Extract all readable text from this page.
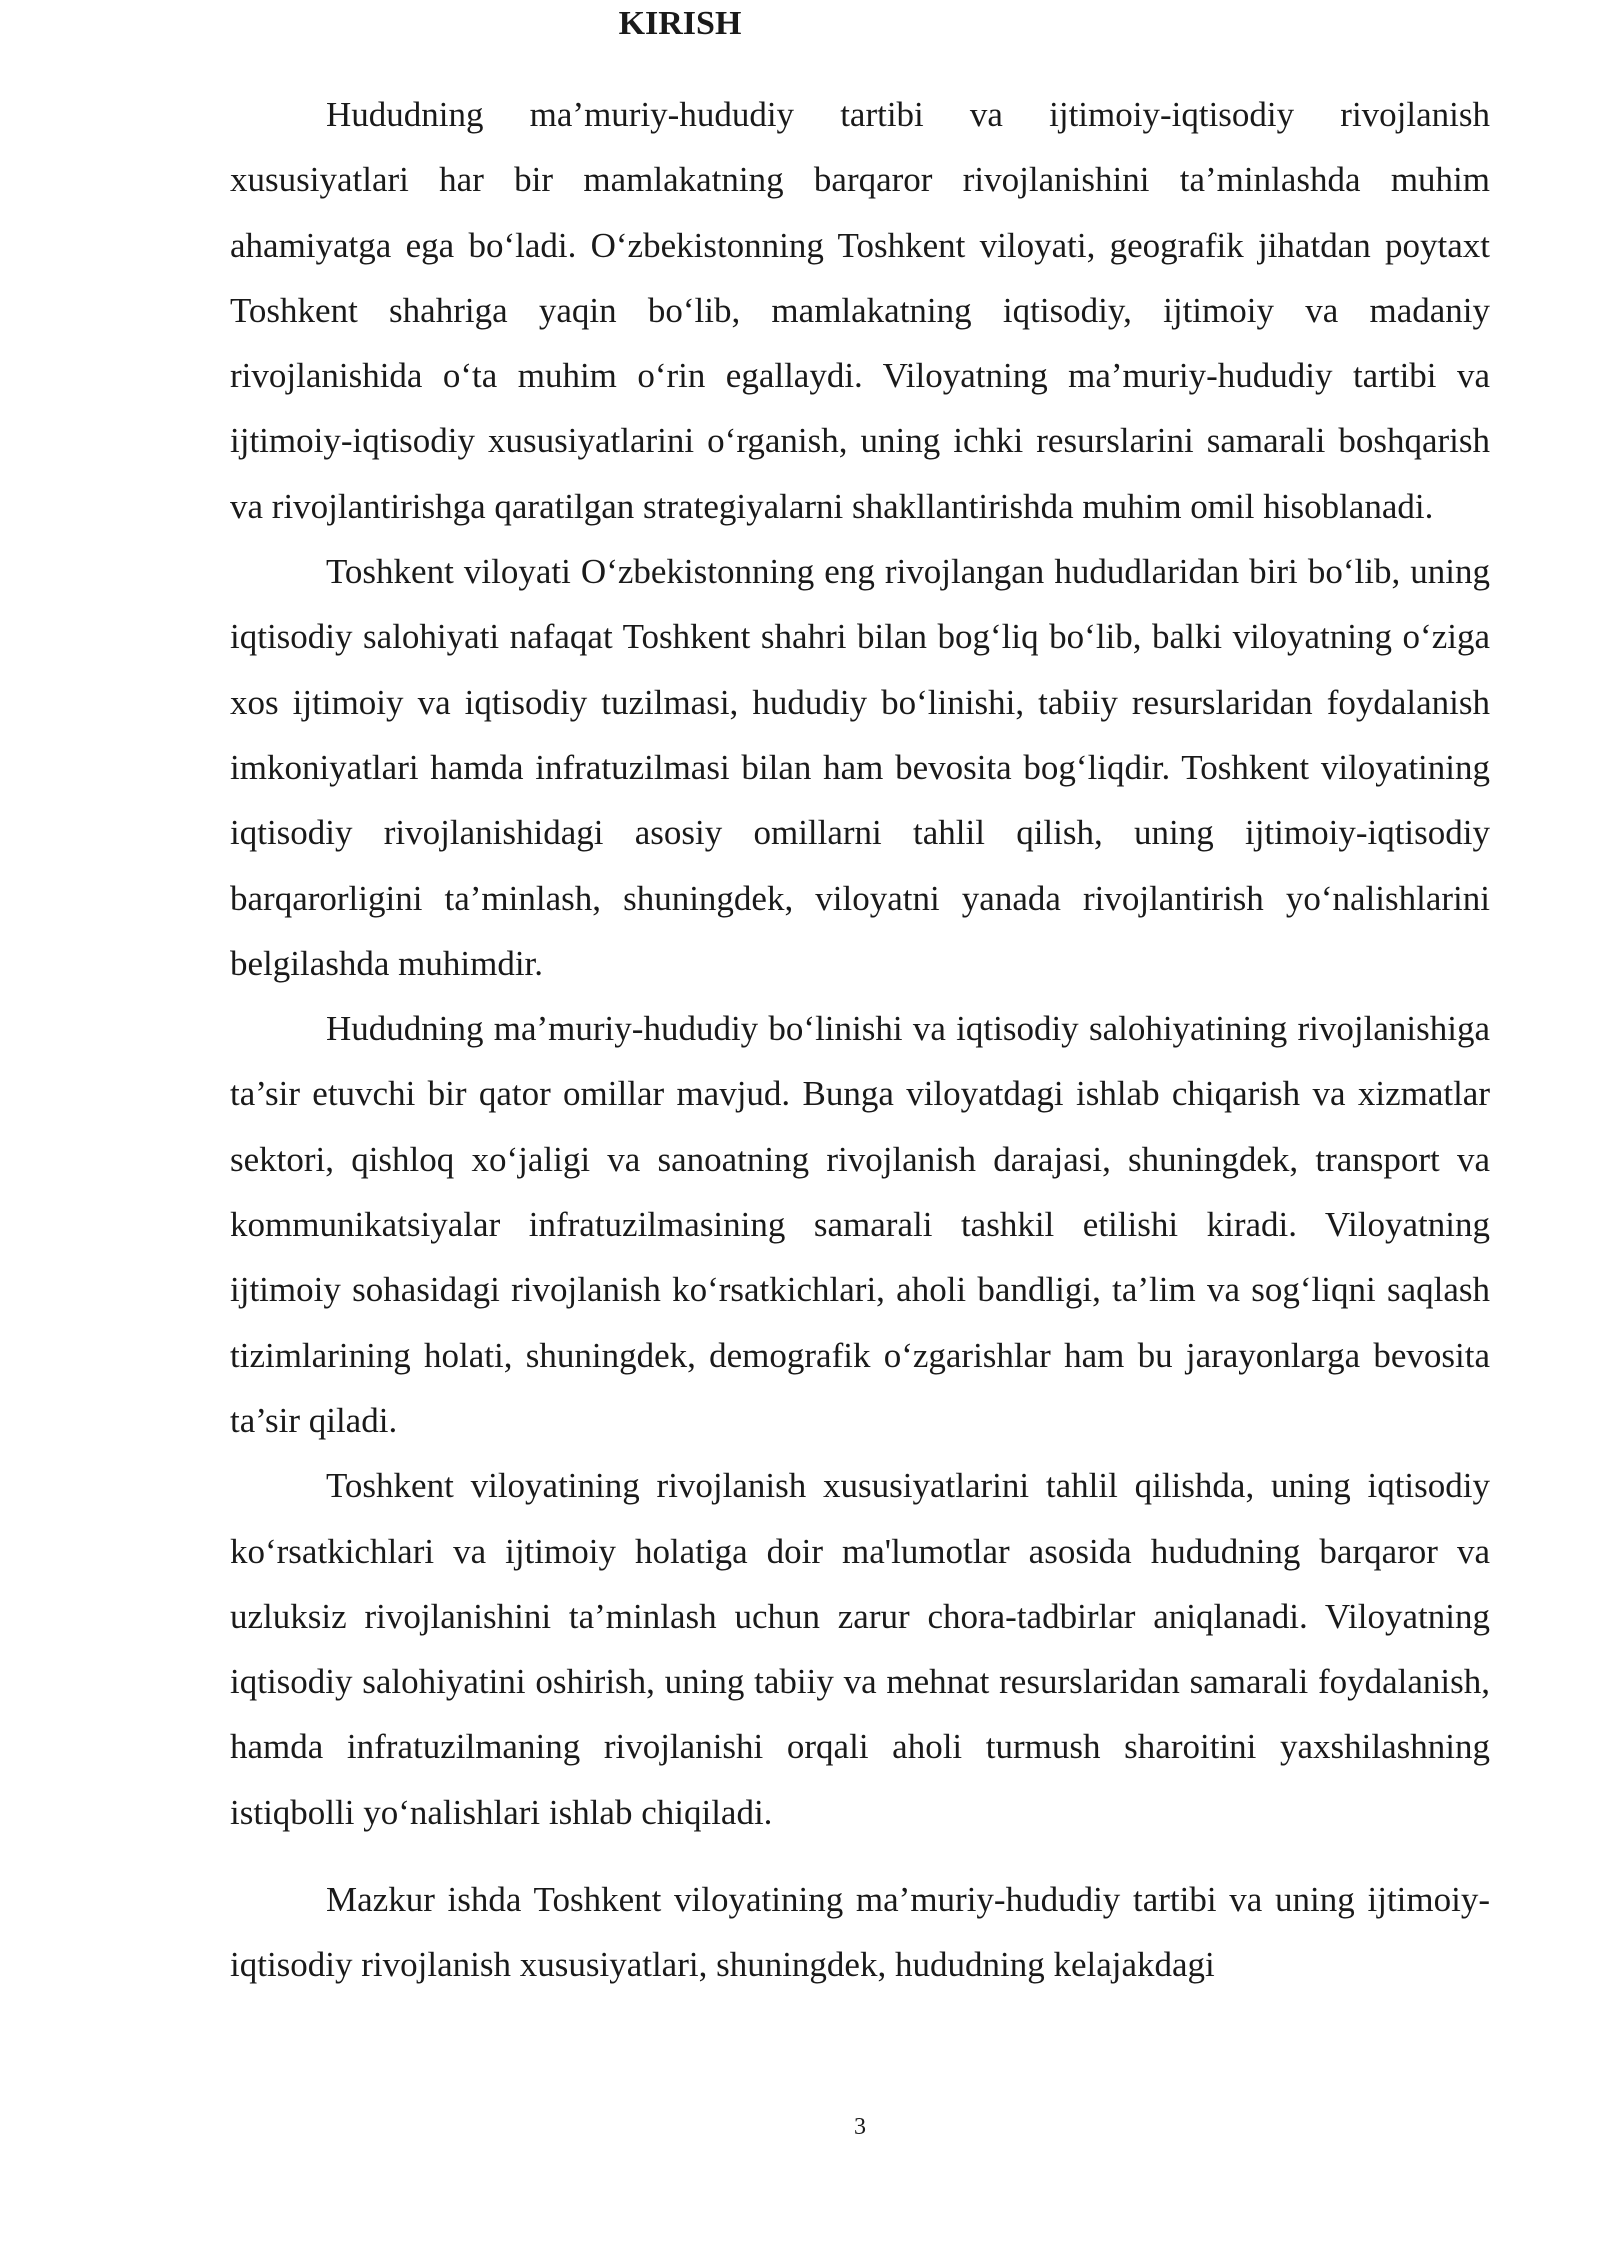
KIRISH

Hududning ma’muriy-hududiy tartibi va ijtimoiy-iqtisodiy rivojlanish xususiyatlari har bir mamlakatning barqaror rivojlanishini ta’minlashda muhim ahamiyatga ega bo‘ladi. O‘zbekistonning Toshkent viloyati, geografik jihatdan poytaxt Toshkent shahriga yaqin bo‘lib, mamlakatning iqtisodiy, ijtimoiy va madaniy rivojlanishida o‘ta muhim o‘rin egallaydi. Viloyatning ma’muriy-hududiy tartibi va ijtimoiy-iqtisodiy xususiyatlarini o‘rganish, uning ichki resurslarini samarali boshqarish va rivojlantirishga qaratilgan strategiyalarni shakllantirishda muhim omil hisoblanadi.

Toshkent viloyati O‘zbekistonning eng rivojlangan hududlaridan biri bo‘lib, uning iqtisodiy salohiyati nafaqat Toshkent shahri bilan bog‘liq bo‘lib, balki viloyatning o‘ziga xos ijtimoiy va iqtisodiy tuzilmasi, hududiy bo‘linishi, tabiiy resurslaridan foydalanish imkoniyatlari hamda infratuzilmasi bilan ham bevosita bog‘liqdir. Toshkent viloyatining iqtisodiy rivojlanishidagi asosiy omillarni tahlil qilish, uning ijtimoiy-iqtisodiy barqarorligini ta’minlash, shuningdek, viloyatni yanada rivojlantirish yo‘nalishlarini belgilashda muhimdir.

Hududning ma’muriy-hududiy bo‘linishi va iqtisodiy salohiyatining rivojlanishiga ta’sir etuvchi bir qator omillar mavjud. Bunga viloyatdagi ishlab chiqarish va xizmatlar sektori, qishloq xo‘jaligi va sanoatning rivojlanish darajasi, shuningdek, transport va kommunikatsiyalar infratuzilmasining samarali tashkil etilishi kiradi. Viloyatning ijtimoiy sohasidagi rivojlanish ko‘rsatkichlari, aholi bandligi, ta’lim va sog‘liqni saqlash tizimlarining holati, shuningdek, demografik o‘zgarishlar ham bu jarayonlarga bevosita ta’sir qiladi.

Toshkent viloyatining rivojlanish xususiyatlarini tahlil qilishda, uning iqtisodiy ko‘rsatkichlari va ijtimoiy holatiga doir ma'lumotlar asosida hududning barqaror va uzluksiz rivojlanishini ta’minlash uchun zarur chora-tadbirlar aniqlanadi. Viloyatning iqtisodiy salohiyatini oshirish, uning tabiiy va mehnat resurslaridan samarali foydalanish, hamda infratuzilmaning rivojlanishi orqali aholi turmush sharoitini yaxshilashning istiqbolli yo‘nalishlari ishlab chiqiladi.

Mazkur ishda Toshkent viloyatining ma’muriy-hududiy tartibi va uning ijtimoiy-iqtisodiy rivojlanish xususiyatlari, shuningdek, hududning kelajakdagi

3
